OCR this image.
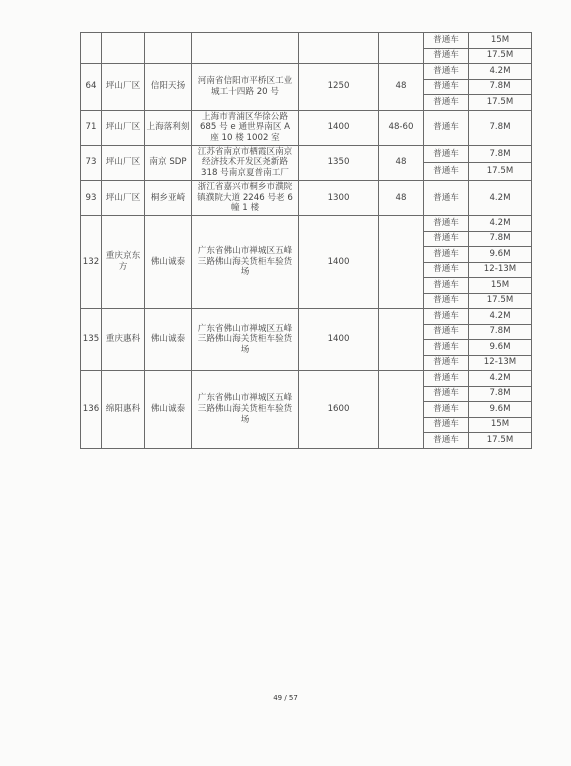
						普通车	15M
						普通车	17.5M
64	坪山厂区	信阳天扬	河南省信阳市平桥区工业城工十四路 20 号	1250	48	普通车	4.2M
						普通车	7.8M
						普通车	17.5M
71	坪山厂区	上海落利刻	上海市青浦区华徐公路685 号 e 通世界南区 A 座 10 楼 1002 室	1400	48-60	普通车	7.8M
73	坪山厂区	南京 SDP	江苏省南京市栖霞区南京经济技术开发区尧新路 318 号南京夏普南工厂	1350	48	普通车	7.8M
						普通车	17.5M
93	坪山厂区	桐乡亚崎	浙江省嘉兴市桐乡市濮院镇濮院大道 2246 号老 6 幢 1 楼	1300	48	普通车	4.2M
132	重庆京东方	佛山诚泰	广东省佛山市禅城区五峰三路佛山海关货柜车验货场	1400		普通车	4.2M
						普通车	7.8M
						普通车	9.6M
						普通车	12-13M
						普通车	15M
						普通车	17.5M
135	重庆惠科	佛山诚泰	广东省佛山市禅城区五峰三路佛山海关货柜车验货场	1400		普通车	4.2M
						普通车	7.8M
						普通车	9.6M
						普通车	12-13M
136	绵阳惠科	佛山诚泰	广东省佛山市禅城区五峰三路佛山海关货柜车验货场	1600		普通车	4.2M
						普通车	7.8M
						普通车	9.6M
						普通车	15M
						普通车	17.5M
49 / 57
